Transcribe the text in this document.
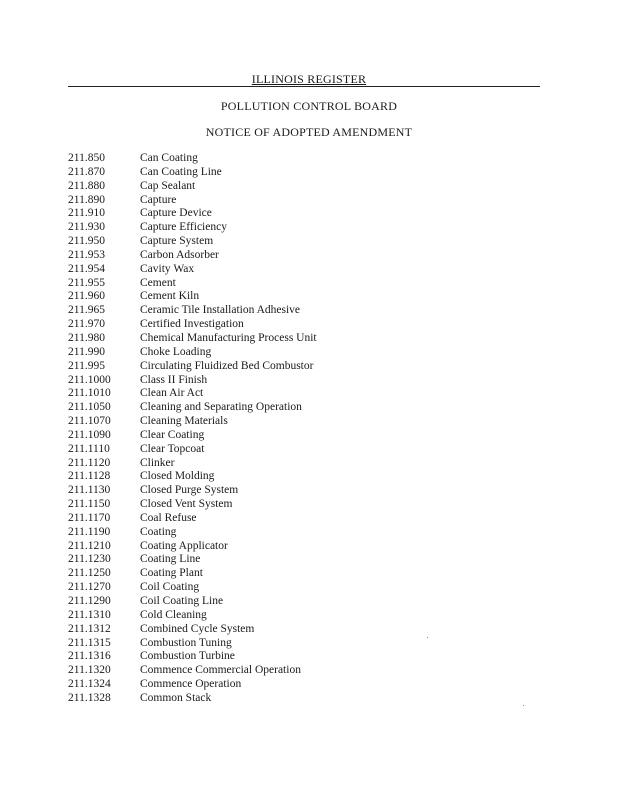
ILLINOIS REGISTER
POLLUTION CONTROL BOARD
NOTICE OF ADOPTED AMENDMENT
211.850	Can Coating
211.870	Can Coating Line
211.880	Cap Sealant
211.890	Capture
211.910	Capture Device
211.930	Capture Efficiency
211.950	Capture System
211.953	Carbon Adsorber
211.954	Cavity Wax
211.955	Cement
211.960	Cement Kiln
211.965	Ceramic Tile Installation Adhesive
211.970	Certified Investigation
211.980	Chemical Manufacturing Process Unit
211.990	Choke Loading
211.995	Circulating Fluidized Bed Combustor
211.1000	Class II Finish
211.1010	Clean Air Act
211.1050	Cleaning and Separating Operation
211.1070	Cleaning Materials
211.1090	Clear Coating
211.1110	Clear Topcoat
211.1120	Clinker
211.1128	Closed Molding
211.1130	Closed Purge System
211.1150	Closed Vent System
211.1170	Coal Refuse
211.1190	Coating
211.1210	Coating Applicator
211.1230	Coating Line
211.1250	Coating Plant
211.1270	Coil Coating
211.1290	Coil Coating Line
211.1310	Cold Cleaning
211.1312	Combined Cycle System
211.1315	Combustion Tuning
211.1316	Combustion Turbine
211.1320	Commence Commercial Operation
211.1324	Commence Operation
211.1328	Common Stack
